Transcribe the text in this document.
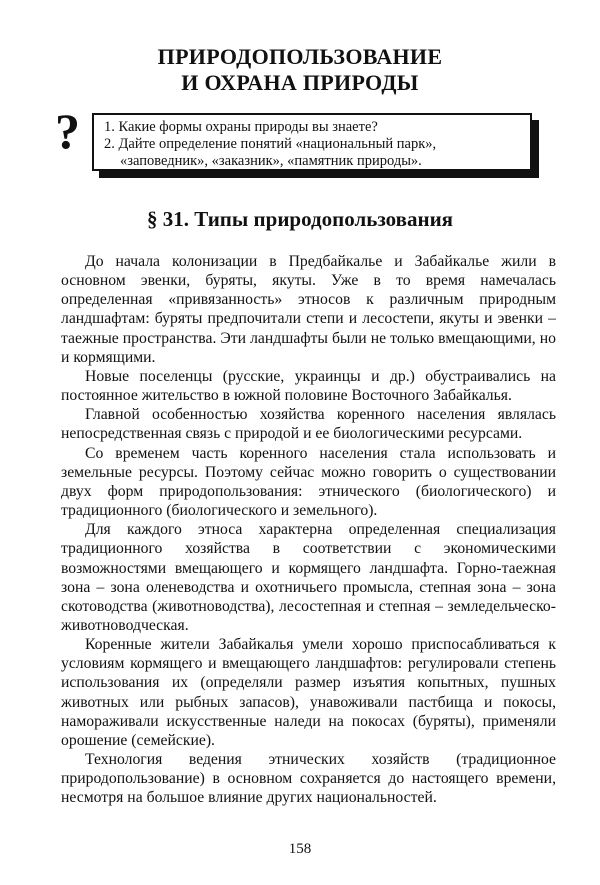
ПРИРОДОПОЛЬЗОВАНИЕ
И ОХРАНА ПРИРОДЫ
? 1. Какие формы охраны природы вы знаете?

2. Дайте определение понятий «национальный парк», «заповедник», «заказник», «памятник природы».

§ 31. Типы природопользования

До начала колонизации в Предбайкалье и Забайкалье жили в основном эвенки, буряты, якуты. Уже в то время намечалась определенная «привязанность» этносов к различным природным ландшафтам: буряты предпочитали степи и лесостепи, якуты и эвенки – таежные пространства. Эти ландшафты были не только вмещающими, но и кормящими.

Новые поселенцы (русские, украинцы и др.) обустраивались на постоянное жительство в южной половине Восточного Забайкалья.

Главной особенностью хозяйства коренного населения являлась непосредственная связь с природой и ее биологическими ресурсами.

Со временем часть коренного населения стала использовать и земельные ресурсы. Поэтому сейчас можно говорить о существовании двух форм природопользования: этнического (биологического) и традиционного (биологического и земельного).

Для каждого этноса характерна определенная специализация традиционного хозяйства в соответствии с экономическими возможностями вмещающего и кормящего ландшафта. Горно-таежная зона – зона оленеводства и охотничьего промысла, степная зона – зона скотоводства (животноводства), лесостепная и степная – земледельческо-животноводческая.

Коренные жители Забайкалья умели хорошо приспосабливаться к условиям кормящего и вмещающего ландшафтов: регулировали степень использования их (определяли размер изъятия копытных, пушных животных или рыбных запасов), унавоживали пастбища и покосы, намораживали искусственные наледи на покосах (буряты), применяли орошение (семейские).

Технология ведения этнических хозяйств (традиционное природопользование) в основном сохраняется до настоящего времени, несмотря на большое влияние других национальностей.

158
